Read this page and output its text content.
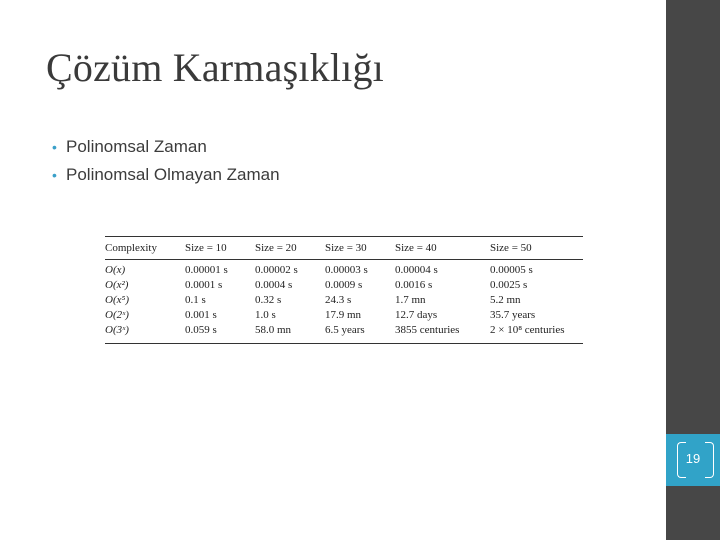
Çözüm Karmaşıklığı
• Polinomsal Zaman
• Polinomsal Olmayan Zaman
Complexity	Size = 10	Size = 20	Size = 30	Size = 40	Size = 50
O(x)	0.00001 s	0.00002 s	0.00003 s	0.00004 s	0.00005 s
O(x²)	0.0001 s	0.0004 s	0.0009 s	0.0016 s	0.0025 s
O(x⁵)	0.1 s	0.32 s	24.3 s	1.7 mn	5.2 mn
O(2ˣ)	0.001 s	1.0 s	17.9 mn	12.7 days	35.7 years
O(3ˣ)	0.059 s	58.0 mn	6.5 years	3855 centuries	2 × 10⁸ centuries
19
